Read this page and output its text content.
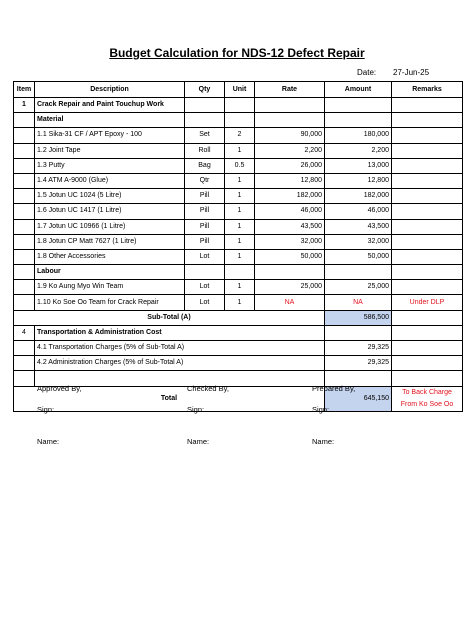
Budget Calculation for NDS-12 Defect Repair
Date: 27-Jun-25
Item	Description	Qty	Unit	Rate	Amount	Remarks
1	Crack Repair and Paint Touchup Work					
	Material					
	1.1 Sika-31 CF / APT Epoxy - 100	Set	2	90,000	180,000	
	1.2 Joint Tape	Roll	1	2,200	2,200	
	1.3 Putty	Bag	0.5	26,000	13,000	
	1.4 ATM A-9000 (Glue)	Qtr	1	12,800	12,800	
	1.5 Jotun UC 1024 (5 Litre)	Pill	1	182,000	182,000	
	1.6 Jotun UC 1417 (1 Litre)	Pill	1	46,000	46,000	
	1.7 Jotun UC 10966 (1 Litre)	Pill	1	43,500	43,500	
	1.8 Jotun CP Matt 7627 (1 Litre)	Pill	1	32,000	32,000	
	1.8 Other Accessories	Lot	1	50,000	50,000	
	Labour					
	1.9 Ko Aung Myo Win Team	Lot	1	25,000	25,000	
	1.10 Ko Soe Oo Team for Crack Repair	Lot	1	NA	NA	Under DLP
Sub-Total (A)					586,500	
4	Transportation & Administration Cost					
	4.1 Transportation Charges (5% of Sub-Total A)				29,325	
	4.2 Administration Charges (5% of Sub-Total A)				29,325	

Total					645,150	To Back Charge
From Ko Soe Oo
Approved By,	Checked By,	Prepared By,
Sign:	Sign:	Sign:
Name:	Name:	Name:
